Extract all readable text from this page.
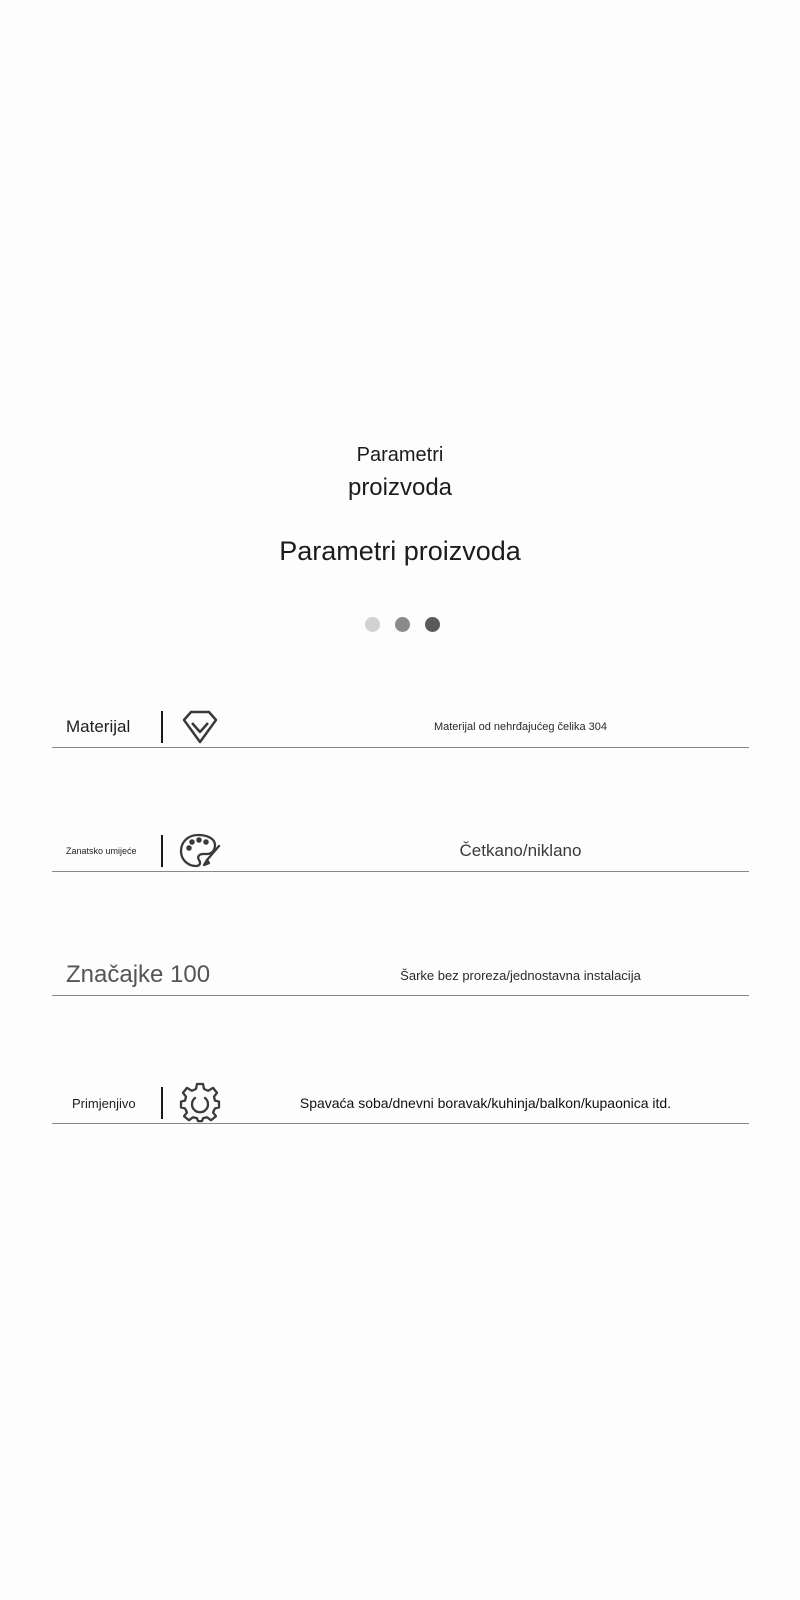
Parametri
proizvoda
Parametri proizvoda
Materijal	Materijal od nehrđajućeg čelika 304
Zanatsko umijeće	Četkano/niklano
Značajke 100	Šarke bez proreza/jednostavna instalacija
Primjenjivo	Spavaća soba/dnevni boravak/kuhinja/balkon/kupaonica itd.
